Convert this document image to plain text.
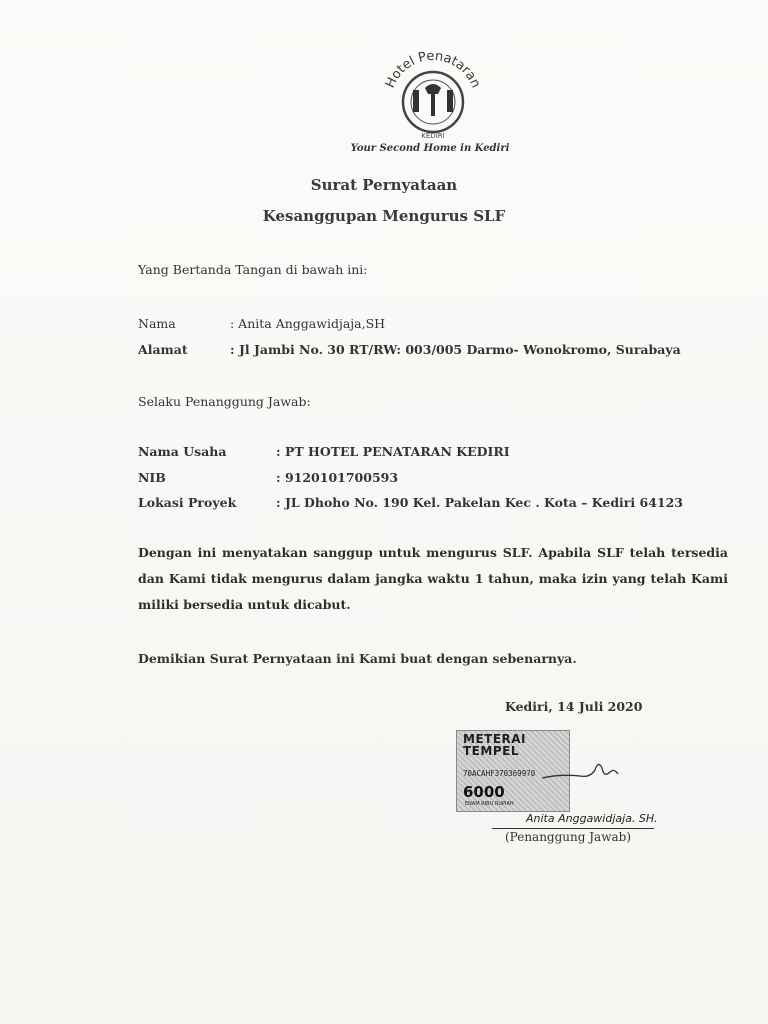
Hotel Penataran
KEDIRI
Your Second Home in Kediri
Surat Pernyataan
Kesanggupan Mengurus SLF
Yang Bertanda Tangan di bawah ini:
Nama	: Anita Anggawidjaja,SH
Alamat	: Jl Jambi No. 30 RT/RW: 003/005 Darmo- Wonokromo, Surabaya
Selaku Penanggung Jawab:
Nama Usaha	: PT HOTEL PENATARAN KEDIRI
NIB	: 9120101700593
Lokasi Proyek	: JL Dhoho No. 190 Kel. Pakelan Kec . Kota – Kediri 64123
Dengan ini menyatakan sanggup untuk mengurus SLF. Apabila SLF telah tersedia dan Kami tidak mengurus dalam jangka waktu 1 tahun, maka izin yang telah Kami miliki bersedia untuk dicabut.
Demikian Surat Pernyataan ini Kami buat dengan sebenarnya.
Kediri, 14 Juli 2020
METERAI
TEMPEL
70ACAHF370369970
6000
ENAM RIBU RUPIAH
Anita Anggawidjaja. SH.
(Penanggung Jawab)
